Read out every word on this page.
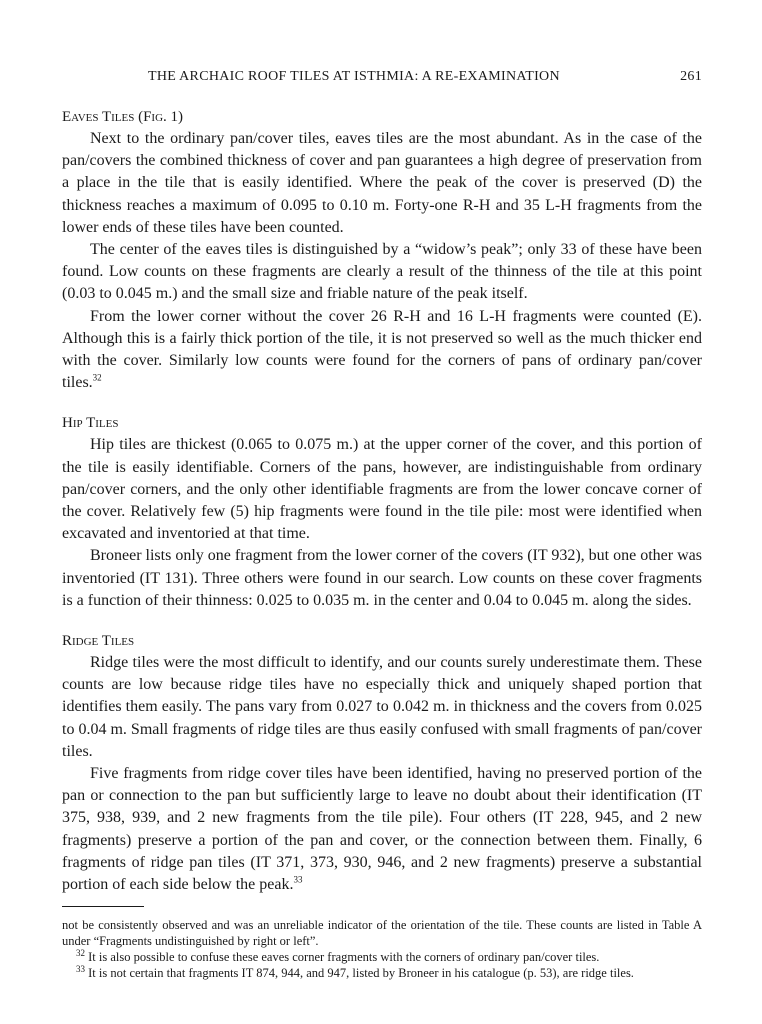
THE ARCHAIC ROOF TILES AT ISTHMIA: A RE-EXAMINATION	261
Eaves Tiles (Fig. 1)

Next to the ordinary pan/cover tiles, eaves tiles are the most abundant. As in the case of the pan/covers the combined thickness of cover and pan guarantees a high degree of preservation from a place in the tile that is easily identified. Where the peak of the cover is preserved (D) the thickness reaches a maximum of 0.095 to 0.10 m. Forty-one R-H and 35 L-H fragments from the lower ends of these tiles have been counted.

The center of the eaves tiles is distinguished by a “widow’s peak”; only 33 of these have been found. Low counts on these fragments are clearly a result of the thinness of the tile at this point (0.03 to 0.045 m.) and the small size and friable nature of the peak itself.

From the lower corner without the cover 26 R-H and 16 L-H fragments were counted (E). Although this is a fairly thick portion of the tile, it is not preserved so well as the much thicker end with the cover. Similarly low counts were found for the corners of pans of ordinary pan/cover tiles.$^{32}$

Hip Tiles

Hip tiles are thickest (0.065 to 0.075 m.) at the upper corner of the cover, and this portion of the tile is easily identifiable. Corners of the pans, however, are indistinguishable from ordinary pan/cover corners, and the only other identifiable fragments are from the lower concave corner of the cover. Relatively few (5) hip fragments were found in the tile pile: most were identified when excavated and inventoried at that time.

Broneer lists only one fragment from the lower corner of the covers (IT 932), but one other was inventoried (IT 131). Three others were found in our search. Low counts on these cover fragments is a function of their thinness: 0.025 to 0.035 m. in the center and 0.04 to 0.045 m. along the sides.

Ridge Tiles

Ridge tiles were the most difficult to identify, and our counts surely underestimate them. These counts are low because ridge tiles have no especially thick and uniquely shaped portion that identifies them easily. The pans vary from 0.027 to 0.042 m. in thickness and the covers from 0.025 to 0.04 m. Small fragments of ridge tiles are thus easily confused with small fragments of pan/cover tiles.

Five fragments from ridge cover tiles have been identified, having no preserved portion of the pan or connection to the pan but sufficiently large to leave no doubt about their identification (IT 375, 938, 939, and 2 new fragments from the tile pile). Four others (IT 228, 945, and 2 new fragments) preserve a portion of the pan and cover, or the connection between them. Finally, 6 fragments of ridge pan tiles (IT 371, 373, 930, 946, and 2 new fragments) preserve a substantial portion of each side below the peak.$^{33}$

not be consistently observed and was an unreliable indicator of the orientation of the tile. These counts are listed in Table A under “Fragments undistinguished by right or left”.
$^{32}$ It is also possible to confuse these eaves corner fragments with the corners of ordinary pan/cover tiles.
$^{33}$ It is not certain that fragments IT 874, 944, and 947, listed by Broneer in his catalogue (p. 53), are ridge tiles.
